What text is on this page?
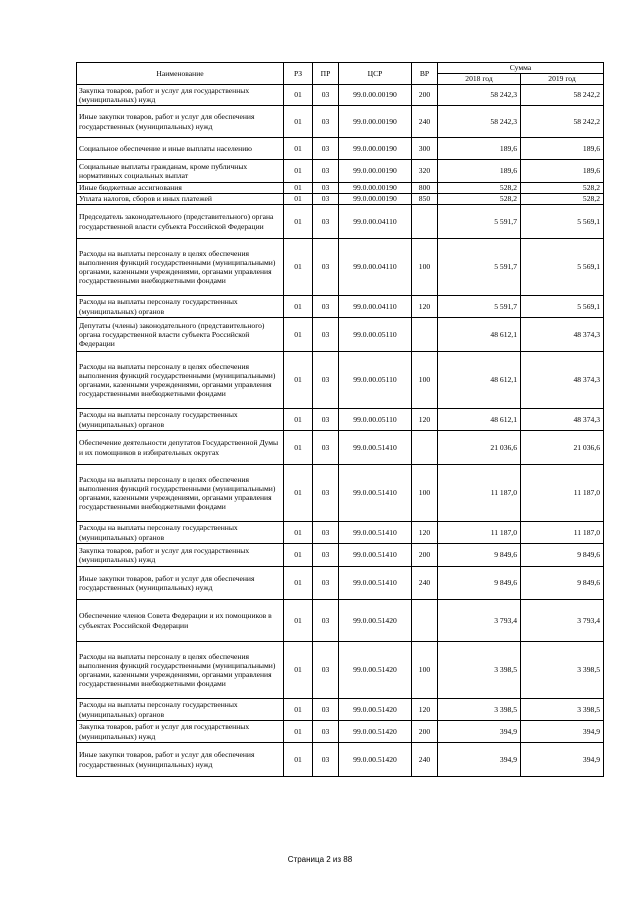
Наименование	РЗ	ПР	ЦСР	ВР	Сумма	
					2018 год	2019 год
Закупка товаров, работ и услуг для государственных (муниципальных) нужд	01	03	99.0.00.00190	200	58 242,3	58 242,2
Иные закупки товаров, работ и услуг для обеспечения государственных (муниципальных) нужд	01	03	99.0.00.00190	240	58 242,3	58 242,2
Социальное обеспечение и иные выплаты населению	01	03	99.0.00.00190	300	189,6	189,6
Социальные выплаты гражданам, кроме публичных нормативных социальных выплат	01	03	99.0.00.00190	320	189,6	189,6
Иные бюджетные ассигнования	01	03	99.0.00.00190	800	528,2	528,2
Уплата налогов, сборов и иных платежей	01	03	99.0.00.00190	850	528,2	528,2
Председатель законодательного (представительного) органа государственной власти субъекта Российской Федерации	01	03	99.0.00.04110		5 591,7	5 569,1
Расходы на выплаты персоналу в целях обеспечения выполнения функций государственными (муниципальными) органами, казенными учреждениями, органами управления государственными внебюджетными фондами	01	03	99.0.00.04110	100	5 591,7	5 569,1
Расходы на выплаты персоналу государственных (муниципальных) органов	01	03	99.0.00.04110	120	5 591,7	5 569,1
Депутаты (члены) законодательного (представительного) органа государственной власти субъекта Российской Федерации	01	03	99.0.00.05110		48 612,1	48 374,3
Расходы на выплаты персоналу в целях обеспечения выполнения функций государственными (муниципальными) органами, казенными учреждениями, органами управления государственными внебюджетными фондами	01	03	99.0.00.05110	100	48 612,1	48 374,3
Расходы на выплаты персоналу государственных (муниципальных) органов	01	03	99.0.00.05110	120	48 612,1	48 374,3
Обеспечение деятельности депутатов Государственной Думы и их помощников в избирательных округах	01	03	99.0.00.51410		21 036,6	21 036,6
Расходы на выплаты персоналу в целях обеспечения выполнения функций государственными (муниципальными) органами, казенными учреждениями, органами управления государственными внебюджетными фондами	01	03	99.0.00.51410	100	11 187,0	11 187,0
Расходы на выплаты персоналу государственных (муниципальных) органов	01	03	99.0.00.51410	120	11 187,0	11 187,0
Закупка товаров, работ и услуг для государственных (муниципальных) нужд	01	03	99.0.00.51410	200	9 849,6	9 849,6
Иные закупки товаров, работ и услуг для обеспечения государственных (муниципальных) нужд	01	03	99.0.00.51410	240	9 849,6	9 849,6
Обеспечение членов Совета Федерации и их помощников в субъектах Российской Федерации	01	03	99.0.00.51420		3 793,4	3 793,4
Расходы на выплаты персоналу в целях обеспечения выполнения функций государственными (муниципальными) органами, казенными учреждениями, органами управления государственными внебюджетными фондами	01	03	99.0.00.51420	100	3 398,5	3 398,5
Расходы на выплаты персоналу государственных (муниципальных) органов	01	03	99.0.00.51420	120	3 398,5	3 398,5
Закупка товаров, работ и услуг для государственных (муниципальных) нужд	01	03	99.0.00.51420	200	394,9	394,9
Иные закупки товаров, работ и услуг для обеспечения государственных (муниципальных) нужд	01	03	99.0.00.51420	240	394,9	394,9
Страница 2 из 88
